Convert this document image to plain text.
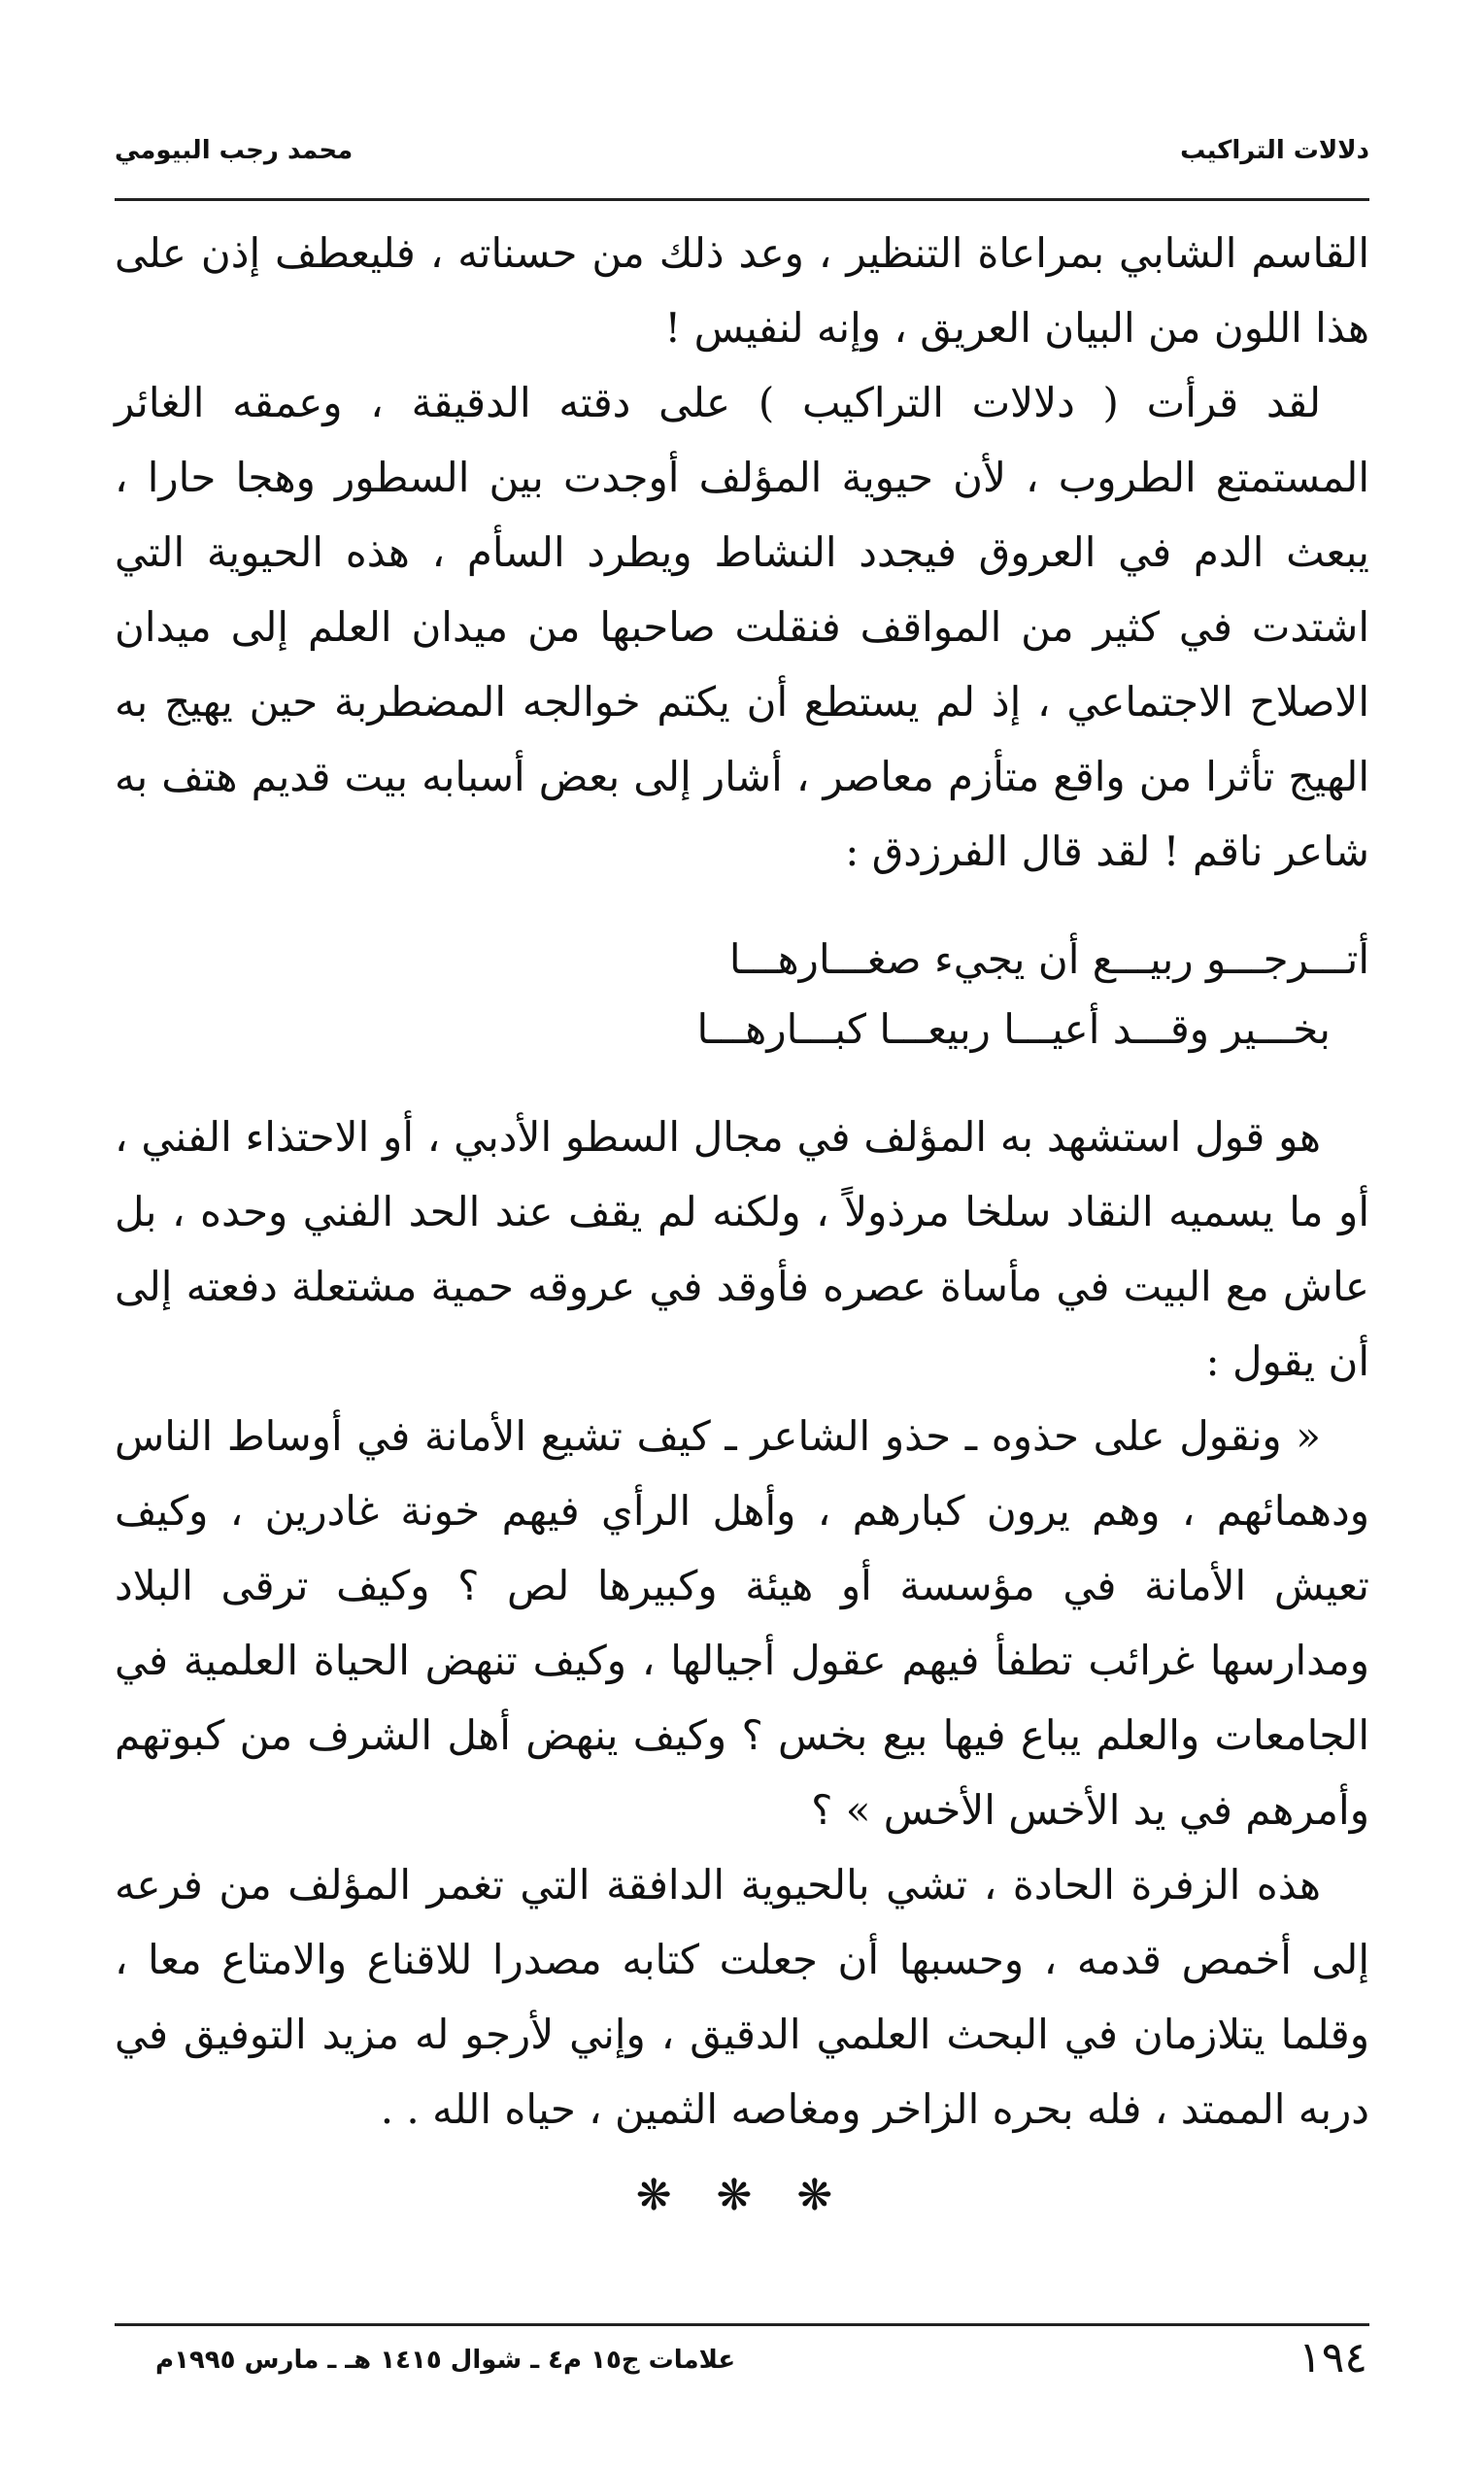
دلالات التراكيب
محمد رجب البيومي

القاسم الشابي بمراعاة التنظير ، وعد ذلك من حسناته ، فليعطف إذن على هذا اللون من البيان العريق ، وإنه لنفيس !

لقد قرأت ( دلالات التراكيب ) على دقته الدقيقة ، وعمقه الغائر المستمتع الطروب ، لأن حيوية المؤلف أوجدت بين السطور وهجا حارا ، يبعث الدم في العروق فيجدد النشاط ويطرد السأم ، هذه الحيوية التي اشتدت في كثير من المواقف فنقلت صاحبها من ميدان العلم إلى ميدان الاصلاح الاجتماعي ، إذ لم يستطع أن يكتم خوالجه المضطربة حين يهيج به الهيج تأثرا من واقع متأزم معاصر ، أشار إلى بعض أسبابه بيت قديم هتف به شاعر ناقم ! لقد قال الفرزدق :

أتـــرجـــو ربيـــع أن يجيء صغـــارهـــا

بخـــير وقـــد أعيـــا ربيعـــا كبـــارهـــا

هو قول استشهد به المؤلف في مجال السطو الأدبي ، أو الاحتذاء الفني ، أو ما يسميه النقاد سلخا مرذولاً ، ولكنه لم يقف عند الحد الفني وحده ، بل عاش مع البيت في مأساة عصره فأوقد في عروقه حمية مشتعلة دفعته إلى أن يقول :

« ونقول على حذوه ـ حذو الشاعر ـ كيف تشيع الأمانة في أوساط الناس ودهمائهم ، وهم يرون كبارهم ، وأهل الرأي فيهم خونة غادرين ، وكيف تعيش الأمانة في مؤسسة أو هيئة وكبيرها لص ؟ وكيف ترقى البلاد ومدارسها غرائب تطفأ فيهم عقول أجيالها ، وكيف تنهض الحياة العلمية في الجامعات والعلم يباع فيها بيع بخس ؟ وكيف ينهض أهل الشرف من كبوتهم وأمرهم في يد الأخس الأخس » ؟

هذه الزفرة الحادة ، تشي بالحيوية الدافقة التي تغمر المؤلف من فرعه إلى أخمص قدمه ، وحسبها أن جعلت كتابه مصدرا للاقناع والامتاع معا ، وقلما يتلازمان في البحث العلمي الدقيق ، وإني لأرجو له مزيد التوفيق في دربه الممتد ، فله بحره الزاخر ومغاصه الثمين ، حياه الله . .

❋ ❋ ❋
علامات ج١٥ م٤ ـ شوال ١٤١٥ هـ ـ مارس ١٩٩٥م	١٩٤
